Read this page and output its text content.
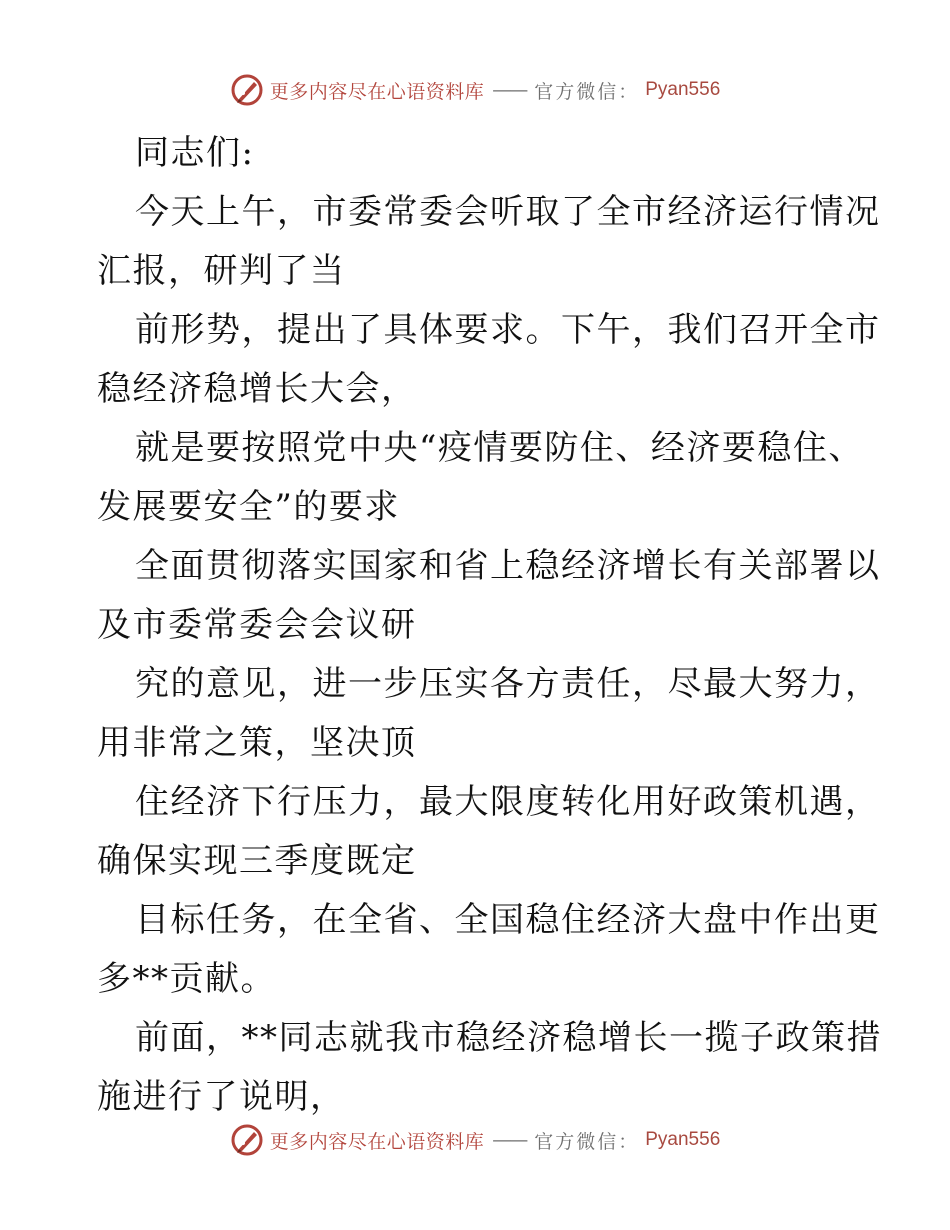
更多内容尽在心语资料库 —— 官方微信： Pyan556
同志们:
今天上午，市委常委会听取了全市经济运行情况
汇报，研判了当
前形势，提出了具体要求。下午，我们召开全市
稳经济稳增长大会，
就是要按照党中央“疫情要防住、经济要稳住、
发展要安全”的要求
全面贯彻落实国家和省上稳经济增长有关部署以
及市委常委会会议研
究的意见，进一步压实各方责任，尽最大努力，
用非常之策，坚决顶
住经济下行压力，最大限度转化用好政策机遇，
确保实现三季度既定
目标任务，在全省、全国稳住经济大盘中作出更
多**贡献。
前面，**同志就我市稳经济稳增长一揽子政策措
施进行了说明，
更多内容尽在心语资料库 —— 官方微信： Pyan556
